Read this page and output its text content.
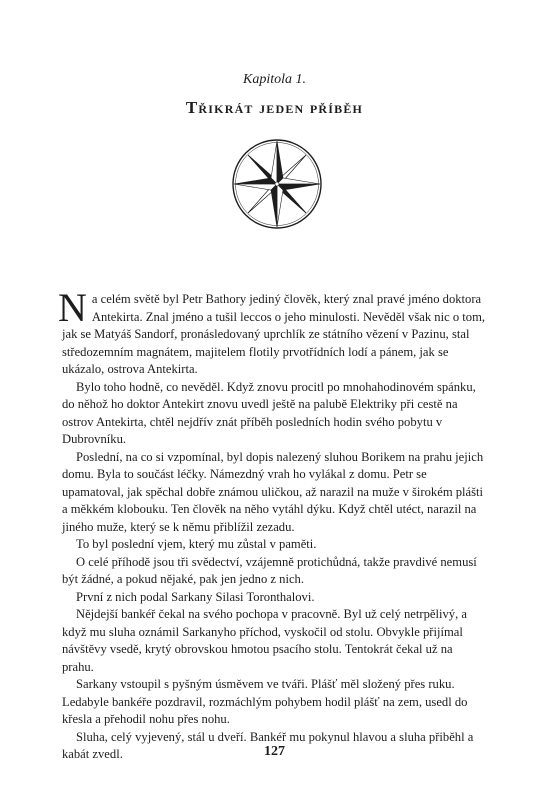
Kapitola 1.
Třikrát jeden příběh

N a celém světě byl Petr Bathory jediný člověk, který znal pravé jméno doktora Antekirta. Znal jméno a tušil leccos o jeho minulosti. Nevěděl však nic o tom, jak se Matyáš Sandorf, pronásledovaný uprchlík ze státního vězení v Pazinu, stal středozemním magnátem, majitelem flotily prvotřídních lodí a pánem, jak se ukázalo, ostrova Antekirta.

Bylo toho hodně, co nevěděl. Když znovu procitl po mnohahodinovém spánku, do něhož ho doktor Antekirt znovu uvedl ještě na palubě Elektriky při cestě na ostrov Antekirta, chtěl nejdřív znát příběh posledních hodin svého pobytu v Dubrovníku.

Poslední, na co si vzpomínal, byl dopis nalezený sluhou Borikem na prahu jejich domu. Byla to součást léčky. Námezdný vrah ho vylákal z domu. Petr se upamatoval, jak spěchal dobře známou uličkou, až narazil na muže v širokém plášti a měkkém klobouku. Ten člověk na něho vytáhl dýku. Když chtěl utéct, narazil na jiného muže, který se k němu přiblížil zezadu.

To byl poslední vjem, který mu zůstal v paměti.

O celé příhodě jsou tři svědectví, vzájemně protichůdná, takže pravdivé nemusí být žádné, a pokud nějaké, pak jen jedno z nich.

První z nich podal Sarkany Silasi Toronthalovi.

Nějdejší bankéř čekal na svého pochopa v pracovně. Byl už celý netrpělivý, a když mu sluha oznámil Sarkanyho příchod, vyskočil od stolu. Obvykle přijímal návštěvy vsedě, krytý obrovskou hmotou psacího stolu. Tentokrát čekal už na prahu.

Sarkany vstoupil s pyšným úsměvem ve tváři. Plášť měl složený přes ruku. Ledabyle bankéře pozdravil, rozmáchlým pohybem hodil plášť na zem, usedl do křesla a přehodil nohu přes nohu.

Sluha, celý vyjevený, stál u dveří. Bankéř mu pokynul hlavou a sluha přiběhl a kabát zvedl.	127
